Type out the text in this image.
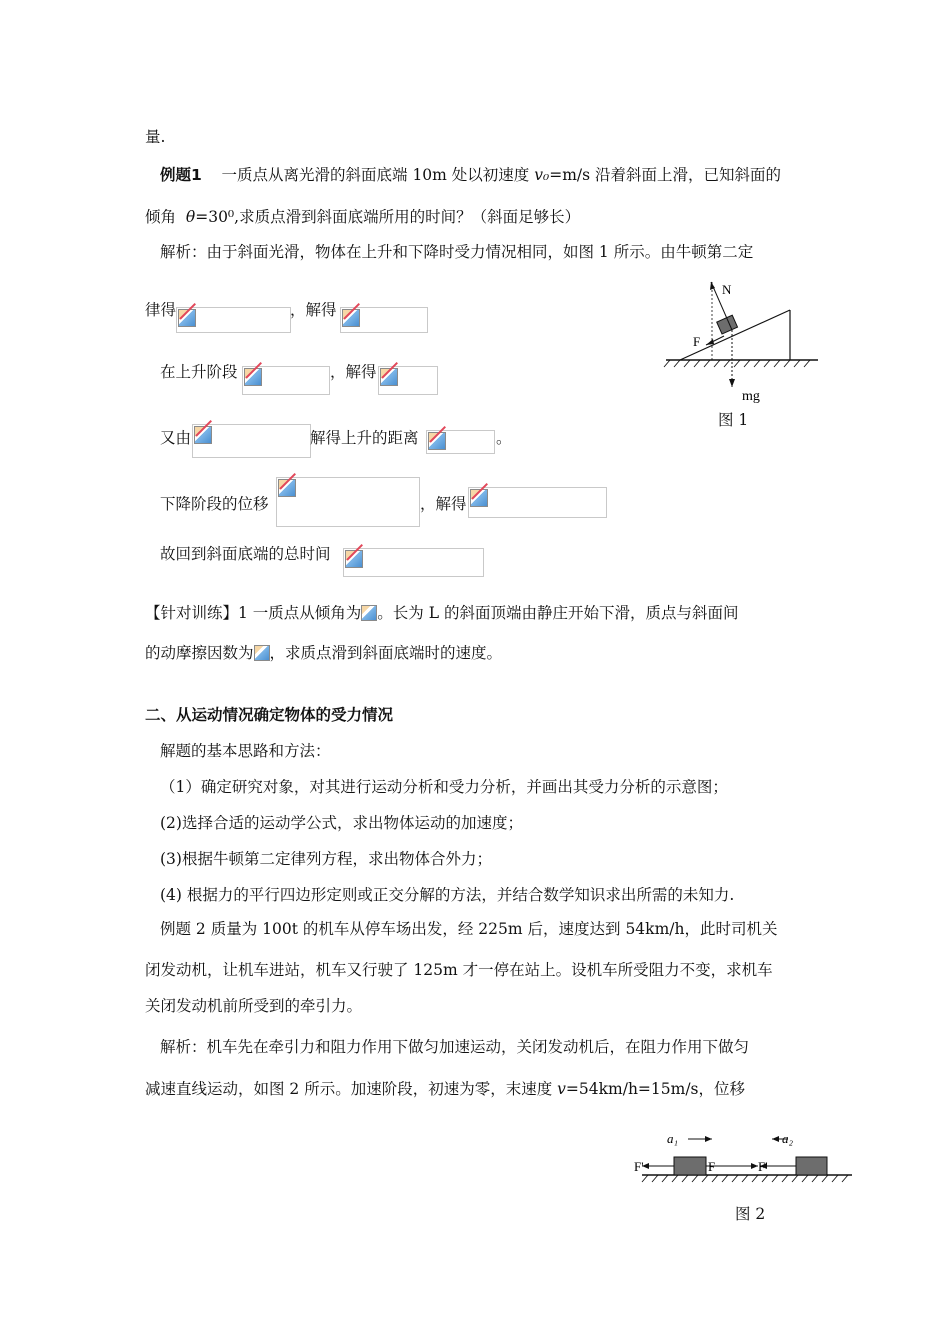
量.
例题1 一质点从离光滑的斜面底端 10m 处以初速度 v₀=m/s 沿着斜面上滑，已知斜面的
倾角 θ=30⁰,求质点滑到斜面底端所用的时间？（斜面足够长）
解析：由于斜面光滑，物体在上升和下降时受力情况相同，如图 1 所示。由牛顿第二定
律得	，解得
在上升阶段	，解得
又由	解得上升的距离	。
下降阶段的位移	，解得
故回到斜面底端的总时间
N
F
mg
图 1
【针对训练】1 一质点从倾角为 。长为 L 的斜面顶端由静庄开始下滑，质点与斜面间
的动摩擦因数为 ，求质点滑到斜面底端时的速度。
二、从运动情况确定物体的受力情况
解题的基本思路和方法：
（1）确定研究对象，对其进行运动分析和受力分析，并画出其受力分析的示意图；
(2)选择合适的运动学公式，求出物体运动的加速度；
(3)根据牛顿第二定律列方程，求出物体合外力；
(4) 根据力的平行四边形定则或正交分解的方法，并结合数学知识求出所需的未知力.
例题 2 质量为 100t 的机车从停车场出发，经 225m 后，速度达到 54km/h，此时司机关
闭发动机，让机车进站，机车又行驶了 125m 才一停在站上。设机车所受阻力不变，求机车
关闭发动机前所受到的牵引力。
解析：机车先在牵引力和阻力作用下做匀加速运动，关闭发动机后，在阻力作用下做匀
减速直线运动，如图 2 所示。加速阶段，初速为零，末速度 v=54km/h=15m/s，位移
a₁	a₂
F'	F	F'
图 2
